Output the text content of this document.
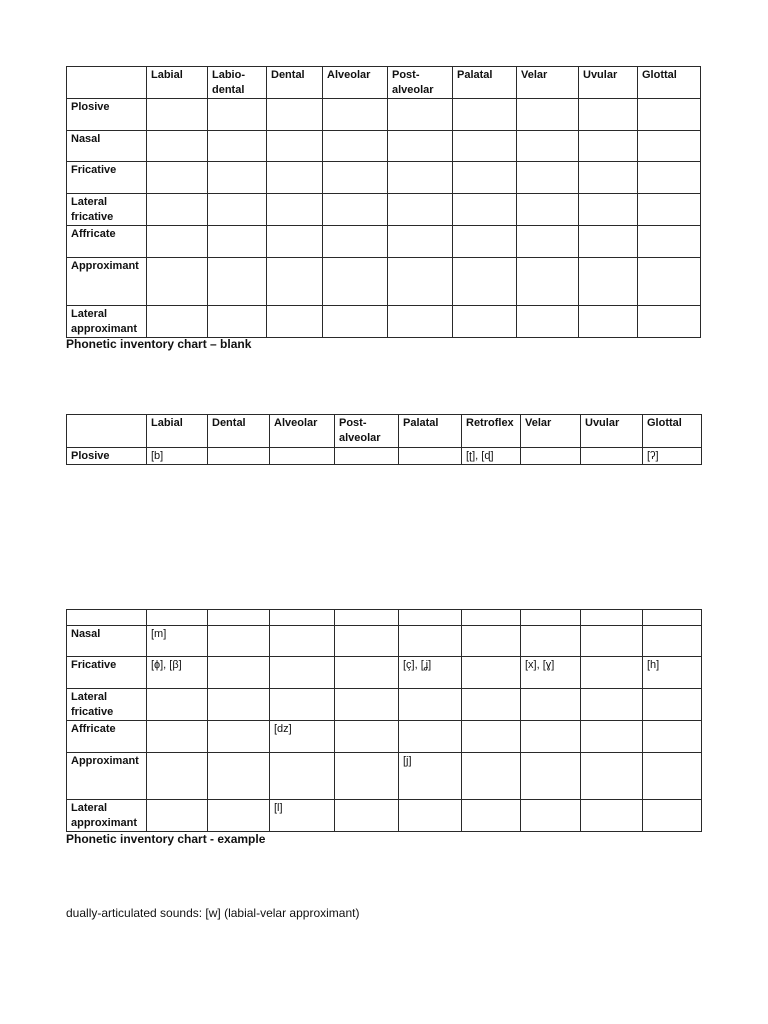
	Labial	Labio-dental	Dental	Alveolar	Post-alveolar	Palatal	Velar	Uvular	Glottal
Plosive									
Nasal									
Fricative									
Lateral fricative									
Affricate									
Approximant									
Lateral approximant									
Phonetic inventory chart – blank
	Labial	Dental	Alveolar	Post-alveolar	Palatal	Retroflex	Velar	Uvular	Glottal
Plosive	[b]					[ʈ], [ɖ]			[ʔ]

Nasal	[m]								
Fricative	[ɸ], [β]				[ç], [ʝ]		[x], [ɣ]		[h]
Lateral fricative									
Affricate			[dz]						
Approximant					[j]				
Lateral approximant			[l]						
Phonetic inventory chart - example
dually-articulated sounds: [w] (labial-velar approximant)
